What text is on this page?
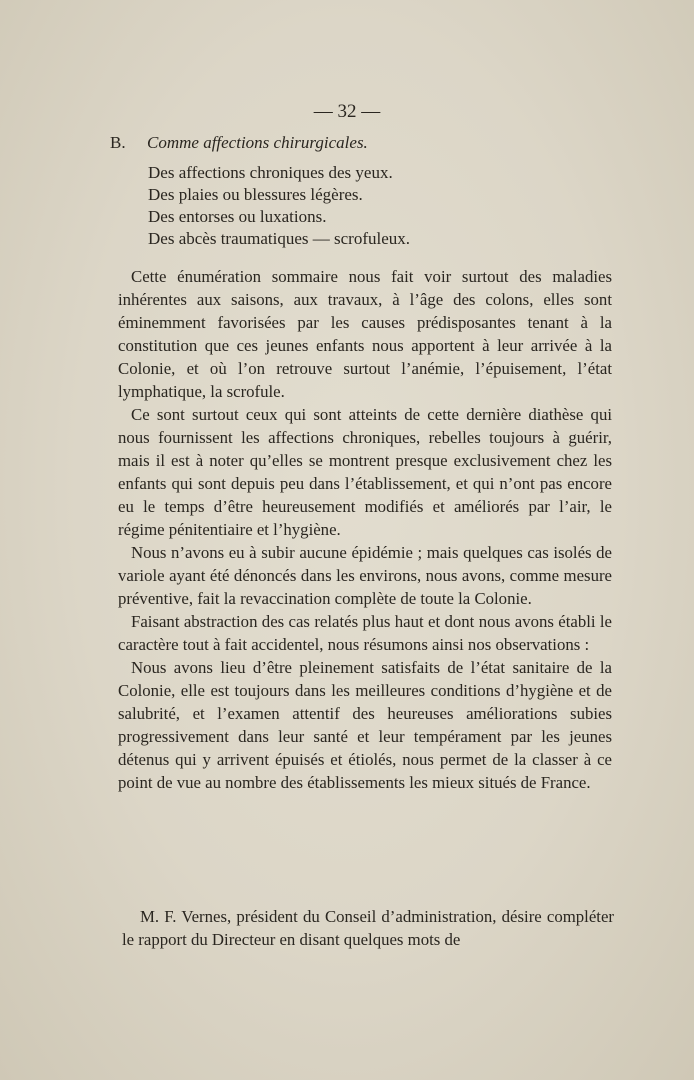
— 32 —
B. Comme affections chirurgicales.
Des affections chroniques des yeux.
Des plaies ou blessures légères.
Des entorses ou luxations.
Des abcès traumatiques — scrofuleux.

Cette énumération sommaire nous fait voir surtout des maladies inhérentes aux saisons, aux travaux, à l’âge des colons, elles sont éminemment favorisées par les causes prédisposantes tenant à la constitution que ces jeunes enfants nous apportent à leur arrivée à la Colonie, et où l’on retrouve surtout l’anémie, l’épuisement, l’état lymphatique, la scrofule.

Ce sont surtout ceux qui sont atteints de cette dernière diathèse qui nous fournissent les affections chroniques, rebelles toujours à guérir, mais il est à noter qu’elles se montrent presque exclusivement chez les enfants qui sont depuis peu dans l’établissement, et qui n’ont pas encore eu le temps d’être heureusement modifiés et améliorés par l’air, le régime pénitentiaire et l’hygiène.

Nous n’avons eu à subir aucune épidémie ; mais quelques cas isolés de variole ayant été dénoncés dans les environs, nous avons, comme mesure préventive, fait la revaccination complète de toute la Colonie.

Faisant abstraction des cas relatés plus haut et dont nous avons établi le caractère tout à fait accidentel, nous résumons ainsi nos observations :

Nous avons lieu d’être pleinement satisfaits de l’état sanitaire de la Colonie, elle est toujours dans les meilleures conditions d’hygiène et de salubrité, et l’examen attentif des heureuses améliorations subies progressivement dans leur santé et leur tempérament par les jeunes détenus qui y arrivent épuisés et étiolés, nous permet de la classer à ce point de vue au nombre des établissements les mieux situés de France.

M. F. Vernes, président du Conseil d’administration, désire compléter le rapport du Directeur en disant quelques mots de
